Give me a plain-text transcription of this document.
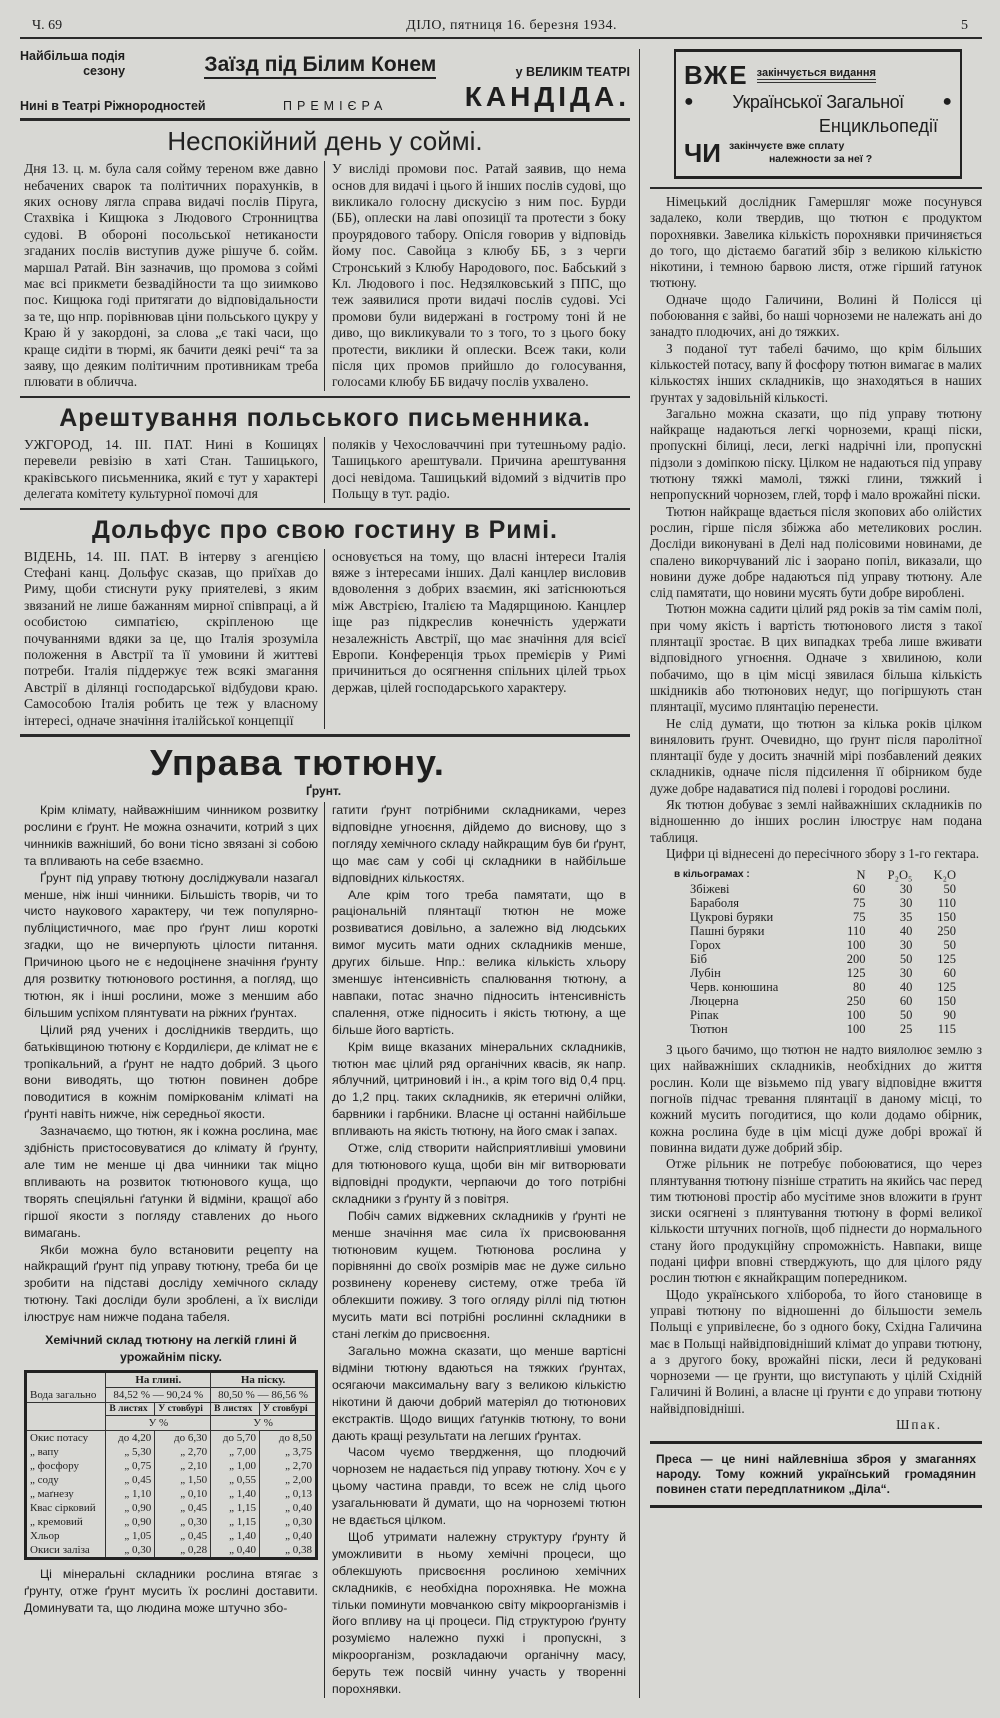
Ч. 69	ДІЛО, пятниця 16. березня 1934.	5
Найбільша подія
сезону	Заїзд під Білим Конем	у ВЕЛИКІМ ТЕАТРІ
Нині в Театрі Ріжнородностей	ПРЕМІЄРА	КАНДІДА.
Неспокійний день у соймі.
Дня 13. ц. м. була саля сойму тереном вже давно небачених сварок та політичних порахунків, в яких основу лягла справа видачі послів Піруга, Стахвіка і Кищюка з Людового Стронництва судові. В обороні посольської нетиканости згаданих послів виступив дуже рішуче б. сойм. маршал Ратай. Він зазначив, що промова з соймі має всі прикмети безвадійности та що зиимково пос. Кищюка годі притягати до відповідальности за те, що нпр. порівнював ціни польського цукру у Краю й у закордоні, за слова „є такі часи, що краще сидіти в тюрмі, як бачити деякі речі“ та за заяву, що деяким політичним противникам треба плювати в обличча.
У висліді промови пос. Ратай заявив, що нема основ для видачі і цього й інших послів судові, що викликало голосну дискусію з ним пос. Бурди (ББ), оплески на лаві опозиції та протести з боку проурядового табору. Опісля говорив у відповідь йому пос. Савойца з клюбу ББ, з з черги Стронський з Клюбу Народового, пос. Бабський з Кл. Людового і пос. Недзялковський з ППС, що теж заявилися проти видачі послів судові. Усі промови були видержані в гострому тоні й не диво, що викликували то з того, то з цього боку протести, виклики й оплески. Всеж таки, коли після цих промов прийшло до голосування, голосами клюбу ББ видачу послів ухвалено.
Арештування польського письменника.
УЖГОРОД, 14. III. ПАТ. Нині в Кошицях перевели ревізію в хаті Стан. Ташицького, краківського письменника, який є тут у характері делегата комітету культурної помочі для
поляків у Чехословаччині при тутешньому радіо. Ташицького арештували. Причина арештування досі невідома. Ташицький відомий з відчитів про Польщу в тут. радіо.
Дольфус про свою гостину в Римі.
ВІДЕНЬ, 14. III. ПАТ. В інтерву з агенцією Стефані канц. Дольфус сказав, що приїхав до Риму, щоби стиснути руку приятелеві, з яким звязаний не лише бажанням мирної співпраці, а й особистою симпатією, скріпленою ще почуваннями вдяки за це, що Італія зрозуміла положення в Австрії та її умовини й життеві потреби. Італія піддержує теж всякі змагання Австрії в ділянці господарської відбудови краю. Самособою Італія робить це теж у власному інтересі, одначе значіння італійської концепції
основується на тому, що власні інтереси Італія вяже з інтересами інших. Далі канцлер висловив вдоволення з добрих взаємин, які затіснюються між Австрією, Італією та Мадярщиною. Канцлер іще раз підкреслив конечність удержати незалежність Австрії, що має значіння для всієї Европи. Конференція трьох премієрів у Римі причиниться до осягнення спільних цілей трьох держав, цілей господарського характеру.
Управа тютюну.
Ґрунт.

Крім клімату, найважнішим чинником розвитку рослини є ґрунт. Не можна означити, котрий з цих чинників важніший, бо вони тісно звязані зі собою та впливають на себе взаємно.

Ґрунт під управу тютюну досліджували назагал менше, ніж інші чинники. Більшість творів, чи то чисто наукового характеру, чи теж популярно-публіцистичного, має про ґрунт лиш короткі згадки, що не вичерпують цілости питання. Причиною цього не є недоцінене значіння ґрунту для розвитку тютюнового ростиння, а погляд, що тютюн, як і інші рослини, може з меншим або більшим успіхом плянтувати на ріжних ґрунтах.

Цілий ряд учених і дослідників твердить, що батьківщиною тютюну є Кордилієри, де клімат не є тропікальний, а ґрунт не надто добрий. З цього вони виводять, що тютюн повинен добре поводитися в кожнім поміркованім кліматі на ґрунті навіть нижче, ніж середньої якости.

Зазначаємо, що тютюн, як і кожна рослина, має здібність пристосовуватися до клімату й ґрунту, але тим не менше ці два чинники так міцно впливають на розвиток тютюнового куща, що творять спеціяльні ґатунки й відміни, кращої або гіршої якости з погляду ставлених до нього вимагань.

Якби можна було встановити рецепту на найкращий ґрунт під управу тютюну, треба би це зробити на підставі досліду хемічного складу тютюну. Такі досліди були зроблені, а їх висліди ілюструє нам нижче подана табеля.

Хемічний склад тютюну на легкій глині й урожайнім піску.
Вода загально	На глині.		На піску.	
	84,52 % — 90,24 %		80,50 % — 86,56 %	
	В листях	У стовбурі	В листях	У стовбурі
	У %		У %	
Окис потасу	до 4,20	до 6,30	до 5,70	до 8,50
„ вапу	„ 5,30	„ 2,70	„ 7,00	„ 3,75
„ фосфору	„ 0,75	„ 2,10	„ 1,00	„ 2,70
„ соду	„ 0,45	„ 1,50	„ 0,55	„ 2,00
„ маґнезу	„ 1,10	„ 0,10	„ 1,40	„ 0,13
Квас сірковий	„ 0,90	„ 0,45	„ 1,15	„ 0,40
„ кремовий	„ 0,90	„ 0,30	„ 1,15	„ 0,30
Хльор	„ 1,05	„ 0,45	„ 1,40	„ 0,40
Окиси заліза	„ 0,30	„ 0,28	„ 0,40	„ 0,38

Ці мінеральні складники рослина втягає з ґрунту, отже ґрунт мусить їх рослині доставити. Доминувати та, що людина може штучно збо-

гатити ґрунт потрібними складниками, через відповідне угноєння, дійдемо до виснову, що з погляду хемічного складу найкращим був би ґрунт, що має сам у собі ці складники в найбільше відповідних кількостях.

Але крім того треба памятати, що в раціональній плянтації тютюн не може розвиватися довільно, а залежно від людських вимог мусить мати одних складників менше, других більше. Нпр.: велика кількість хльору зменшує інтенсивність спалювання тютюну, а навпаки, потас значно підносить інтенсивність спалення, отже підносить і якість тютюну, а ще більше його вартість.

Крім вище вказаних мінеральних складників, тютюн має цілий ряд органічних квасів, як напр. яблучний, цитриновий і ін., а крім того від 0,4 прц. до 1,2 прц. таких складників, як етеричні олійки, барвники і гарбники. Власне ці останні найбільше впливають на якість тютюну, на його смак і запах.

Отже, слід створити найсприятливіші умовини для тютюнового куща, щоби він міг витворювати відповідні продукти, черпаючи до того потрібні складники з ґрунту й з повітря.

Побіч самих віджевних складників у ґрунті не менше значіння має сила їх присвоювання тютюновим кущем. Тютюнова рослина у порівнянні до своїх розмірів має не дуже сильно розвинену кореневу систему, отже треба їй облекшити поживу. З того огляду ріллі під тютюн мусить мати всі потрібні рослинні складники в стані легкім до присвоєння.

Загально можна сказати, що менше вартісні відміни тютюну вдаються на тяжких ґрунтах, осягаючи максимальну вагу з великою кількістю нікотини й даючи добрий матеріял до тютюнових екстрактів. Щодо вищих ґатунків тютюну, то вони дають кращі результати на легших ґрунтах.

Часом чуємо твердження, що плодючий чорнозем не надається під управу тютюну. Хоч є у цьому частина правди, то всеж не слід цього узагальнювати й думати, що на чорноземі тютюн не вдається цілком.

Щоб утримати належну структуру ґрунту й уможливити в ньому хемічні процеси, що облекшують присвоєння рослиною хемічних складників, є необхідна порохнявка. Не можна тільки поминути мовчанкою світу мікроорганізмів і його впливу на ці процеси. Під структурою ґрунту розуміємо належно пухкі і пропускні, з мікроорганізм, розкладаючи органічну масу, беруть теж посвій чинну участь у творенні порохнявки.

ВЖЕ закінчується видання
● Української Загальної ●
Енцикльопедії
ЧИ закінчуєте вже сплату
належности за неї ?

Німецький дослідник Гамершляг може посунувся задалеко, коли твердив, що тютюн є продуктом порохнявки. Завелика кількість порохнявки причиняється до того, що дістаємо багатий збір з великою кількістю нікотини, і темною барвою листя, отже гірший ґатунок тютюну.

Одначе щодо Галичини, Волині й Полісся ці побоювання є зайві, бо наші чорноземи не належать ані до занадто плодючих, ані до тяжких.

З поданої тут табелі бачимо, що крім більших кількостей потасу, вапу й фосфору тютюн вимагає в малих кількостях інших складників, що знаходяться в наших ґрунтах у задовільній кількості.

Загально можна сказати, що під управу тютюну найкраще надаються легкі чорноземи, кращі піски, пропускні білиці, леси, легкі надрічні іли, пропускні підзоли з доміпкою піску. Цілком не надаються під управу тютюну тяжкі мамолі, тяжкі глини, тяжкий і непропускний чорнозем, глей, торф і мало врожайні піски.

Тютюн найкраще вдається після зкопових або олійстих рослин, гірше після збіжжа або метеликових рослин. Досліди виконувані в Делі над полісовими новинами, де спалено викорчуваний ліс і заорано попіл, виказали, що новини дуже добре надаються під управу тютюну. Але слід памятати, що новини мусять бути добре вироблені.

Тютюн можна садити цілий ряд років за тім самім полі, при чому якість і вартість тютюнового листя з такої плянтації зростає. В цих випадках треба лише вживати відповідного угноєння. Одначе з хвилиною, коли побачимо, що в цім місці зявилася більша кількість шкідників або тютюнових недуг, що погіршують стан плянтації, мусимо плянтацію перенести.

Не слід думати, що тютюн за кілька років цілком виняловить ґрунт. Очевидно, що ґрунт після паролітної плянтації буде у досить значній мірі позбавлений деяких складників, одначе після підсилення її обірником буде дуже добре надаватися під полеві і городові рослини.

Як тютюн добуває з землі найважніших складників по відношенню до інших рослин ілюструє нам подана таблиця.

Цифри ці віднесені до пересічного збору з 1-го гектара.

в кільограмах :	N	P₂O₅	K₂O
Збіжеві	60	30	50
Бараболя	75	30	110
Цукрові буряки	75	35	150
Пашні буряки	110	40	250
Горох	100	30	50
Біб	200	50	125
Лубін	125	30	60
Черв. конюшина	80	40	125
Люцерна	250	60	150
Ріпак	100	50	90
Тютюн	100	25	115

З цього бачимо, що тютюн не надто виялолює землю з цих найважніших складників, необхідних до життя рослин. Коли ще візьмемо під увагу відповідне вжиття погноїв підчас тревання плянтації в даному місці, то кожний мусить погодитися, що коли додамо обірник, кожна рослина буде в цім місці дуже добрі врожаї й повинна видати дуже добрий збір.

Отже рільник не потребує побоюватися, що через плянтування тютюну пізніше стратить на якийсь час перед тим тютюнові простір або мусітиме знов вложити в ґрунт зиски осягнені з плянтування тютюну в формі великої кількости штучних погноїв, щоб піднести до нормального стану його продукційну спроможність. Навпаки, вище подані цифри вповні стверджують, що для цілого ряду рослин тютюн є якнайкращим попередником.

Щодо українського хлібороба, то його становище в управі тютюну по відношенні до більшости земель Польщі є упривілеєне, бо з одного боку, Східна Галичина має в Польщі найвідповідніший клімат до управи тютюну, а з другого боку, врожайні піски, леси й редуковані чорноземи — це ґрунти, що виступають у цілій Східній Галичині й Волині, а власне ці ґрунти є до управи тютюну найвідповідніші.

Шпак.

Преса — це нині найлевніша зброя у змаганнях народу. Тому кожний український громадянин повинен стати передплатником „Діла“.
